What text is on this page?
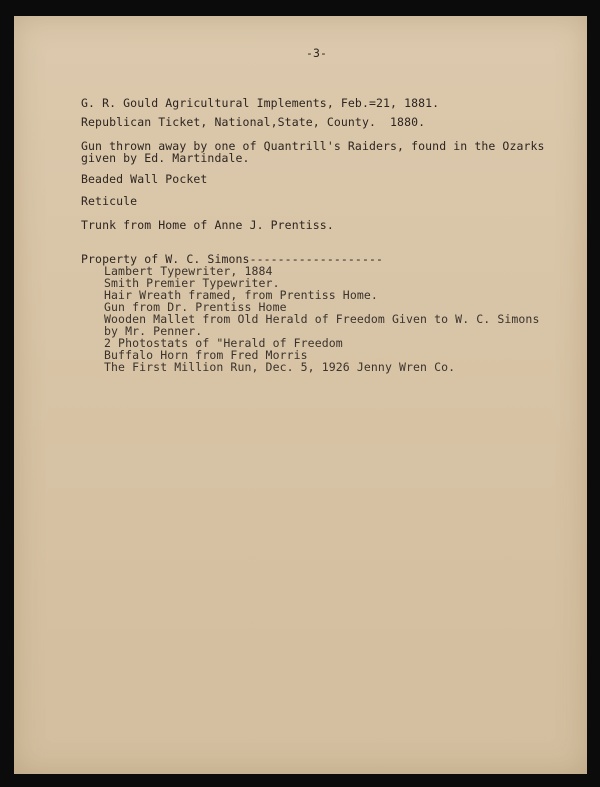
-3-
G. R. Gould Agricultural Implements, Feb.=21, 1881.
Republican Ticket, National,State, County.  1880.
Gun thrown away by one of Quantrill's Raiders, found in the Ozarks
given by Ed. Martindale.
Beaded Wall Pocket
Reticule
Trunk from Home of Anne J. Prentiss.
Property of W. C. Simons-------------------
Lambert Typewriter, 1884
Smith Premier Typewriter.
Hair Wreath framed, from Prentiss Home.
Gun from Dr. Prentiss Home
Wooden Mallet from Old Herald of Freedom Given to W. C. Simons
by Mr. Penner.
2 Photostats of "Herald of Freedom
Buffalo Horn from Fred Morris
The First Million Run, Dec. 5, 1926 Jenny Wren Co.
